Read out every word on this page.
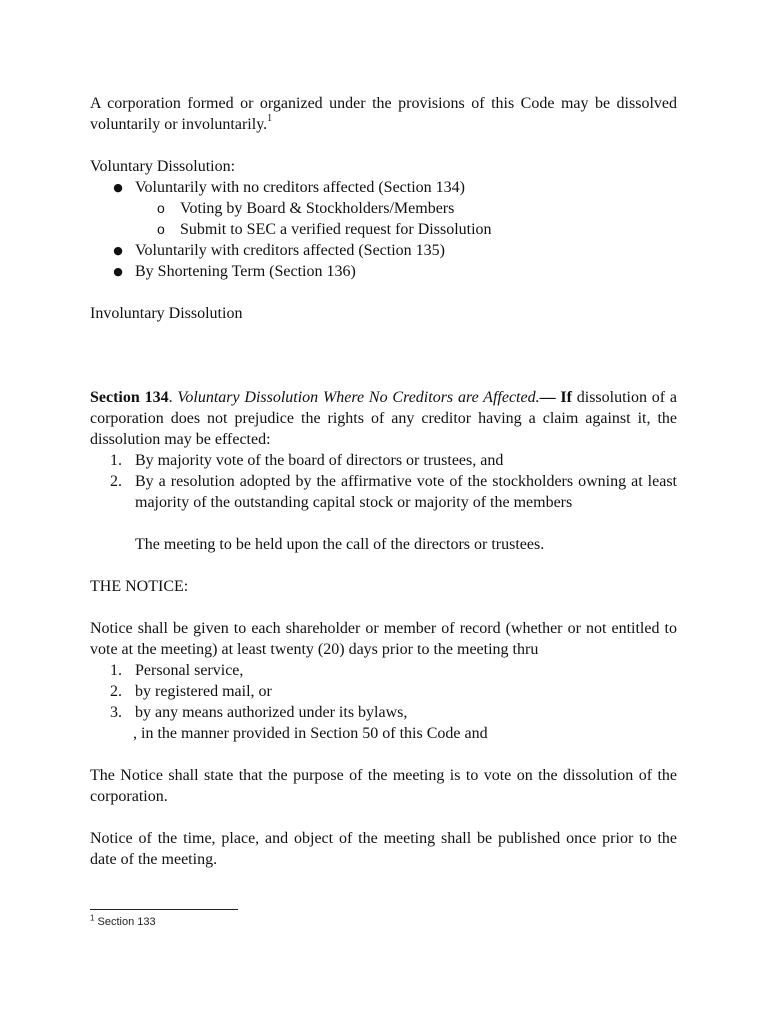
A corporation formed or organized under the provisions of this Code may be dissolved voluntarily or involuntarily.$^1$

Voluntary Dissolution:

● Voluntarily with no creditors affected (Section 134)
o Voting by Board & Stockholders/Members
o Submit to SEC a verified request for Dissolution
● Voluntarily with creditors affected (Section 135)
● By Shortening Term (Section 136)

Involuntary Dissolution

Section 134. Voluntary Dissolution Where No Creditors are Affected.— If dissolution of a corporation does not prejudice the rights of any creditor having a claim against it, the dissolution may be effected:

1. By majority vote of the board of directors or trustees, and
2. By a resolution adopted by the affirmative vote of the stockholders owning at least majority of the outstanding capital stock or majority of the members

The meeting to be held upon the call of the directors or trustees.

THE NOTICE:

Notice shall be given to each shareholder or member of record (whether or not entitled to vote at the meeting) at least twenty (20) days prior to the meeting thru

1. Personal service,
2. by registered mail, or
3. by any means authorized under its bylaws,

, in the manner provided in Section 50 of this Code and

The Notice shall state that the purpose of the meeting is to vote on the dissolution of the corporation.

Notice of the time, place, and object of the meeting shall be published once prior to the date of the meeting.

$^1$ Section 133
